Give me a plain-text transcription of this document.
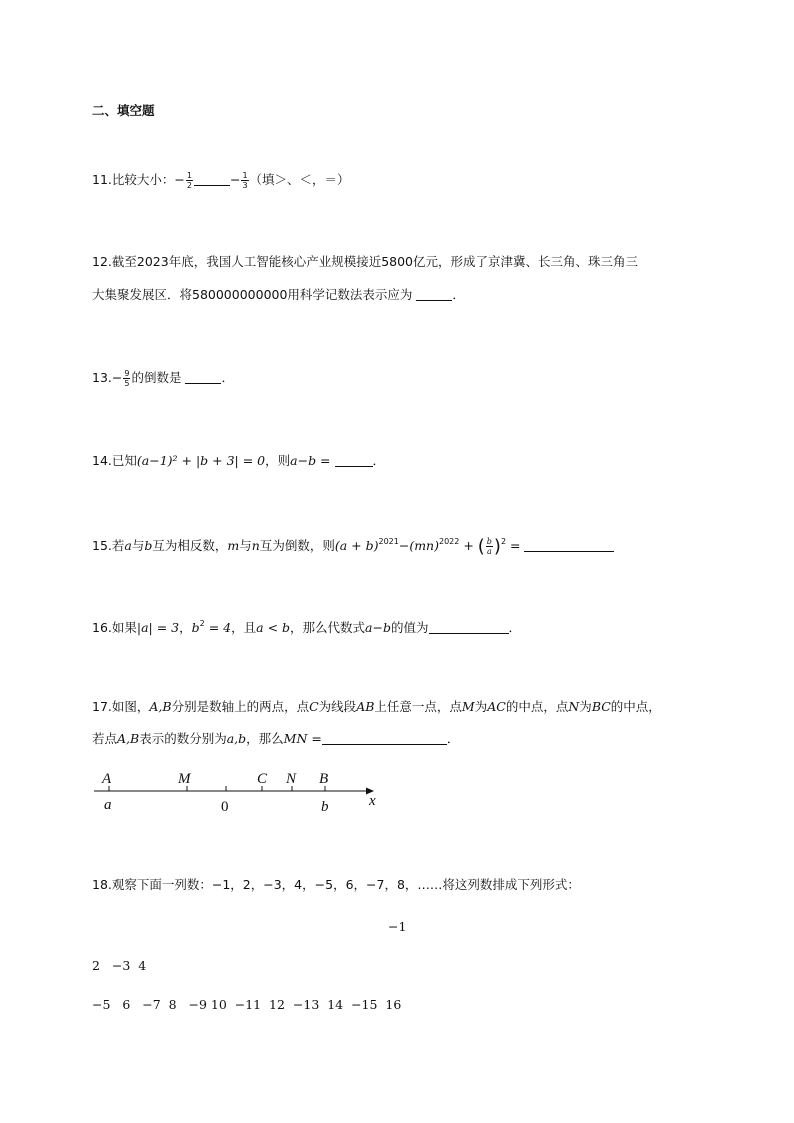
二、填空题
11.比较大小：− $\frac{1}{2}$	− $\frac{1}{3}$ （填＞、＜，＝）
12.截至2023年底，我国人工智能核心产业规模接近5800亿元，形成了京津冀、长三角、珠三角三
大集聚发展区．将580000000000用科学记数法表示应为	．
$13.- \frac{9}{5}$ 的倒数是	．
14.已知(a−1)² + |b + 3| = 0，则a−b =	．
15.若a与b互为相反数，m与n互为倒数，则$(a + b)^{2021}-(mn)^{2022}$ + ( $\frac{b}{a} )^2$ =
16.如果|a| = 3，$b^2 = 4$，且a < b，那么代数式a−b的值为	．
17.如图，A,B分别是数轴上的两点，点C为线段AB上任意一点，点M为AC的中点，点N为BC的中点，
若点A,B表示的数分别为a,b，那么MN =	．
A	M	C N B
a	b	x
0
18.观察下面一列数：−1，2，−3，4，−5，6，−7，8，……将这列数排成下列形式：
−1
2   −3  4
−5   6   −7  8   −9 10  −11  12  −13  14  −15  16
